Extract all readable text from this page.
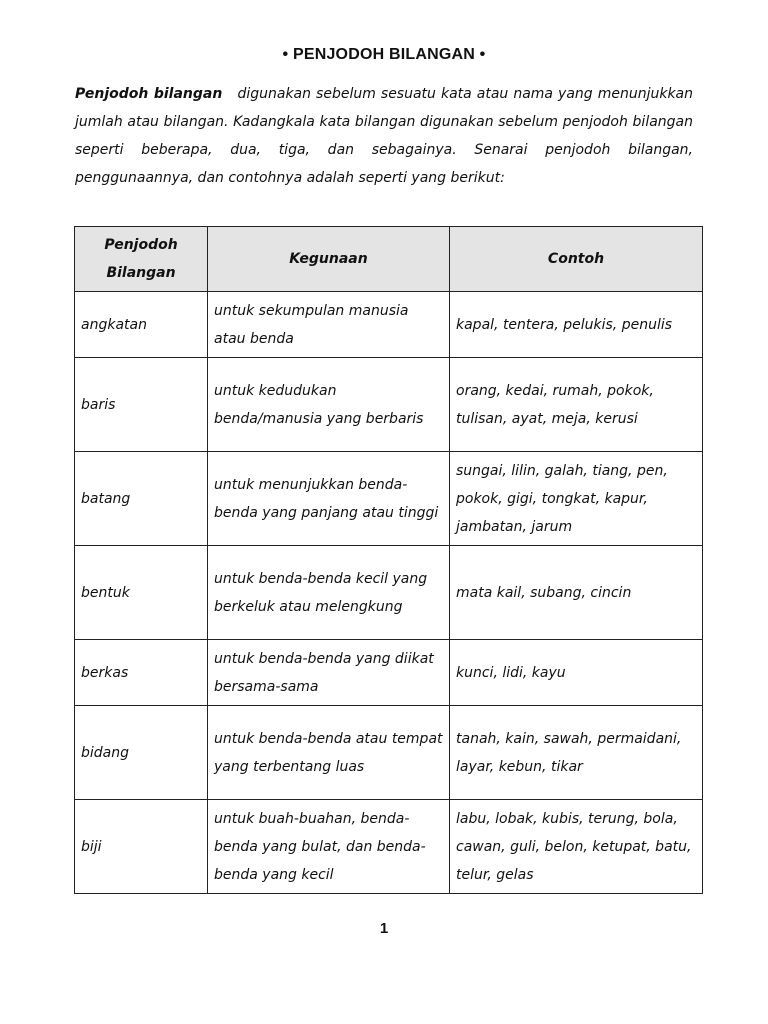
• PENJODOH BILANGAN •
Penjodoh bilangan digunakan sebelum sesuatu kata atau nama yang menunjukkan jumlah atau bilangan. Kadangkala kata bilangan digunakan sebelum penjodoh bilangan seperti beberapa, dua, tiga, dan sebagainya. Senarai penjodoh bilangan, penggunaannya, dan contohnya adalah seperti yang berikut:
Penjodoh Bilangan	Kegunaan	Contoh
angkatan	untuk sekumpulan manusia atau benda	kapal, tentera, pelukis, penulis
baris	untuk kedudukan benda/manusia yang berbaris	orang, kedai, rumah, pokok, tulisan, ayat, meja, kerusi
batang	untuk menunjukkan benda-benda yang panjang atau tinggi	sungai, lilin, galah, tiang, pen, pokok, gigi, tongkat, kapur, jambatan, jarum
bentuk	untuk benda-benda kecil yang berkeluk atau melengkung	mata kail, subang, cincin
berkas	untuk benda-benda yang diikat bersama-sama	kunci, lidi, kayu
bidang	untuk benda-benda atau tempat yang terbentang luas	tanah, kain, sawah, permaidani, layar, kebun, tikar
biji	untuk buah-buahan, benda-benda yang bulat, dan benda-benda yang kecil	labu, lobak, kubis, terung, bola, cawan, guli, belon, ketupat, batu, telur, gelas
1
